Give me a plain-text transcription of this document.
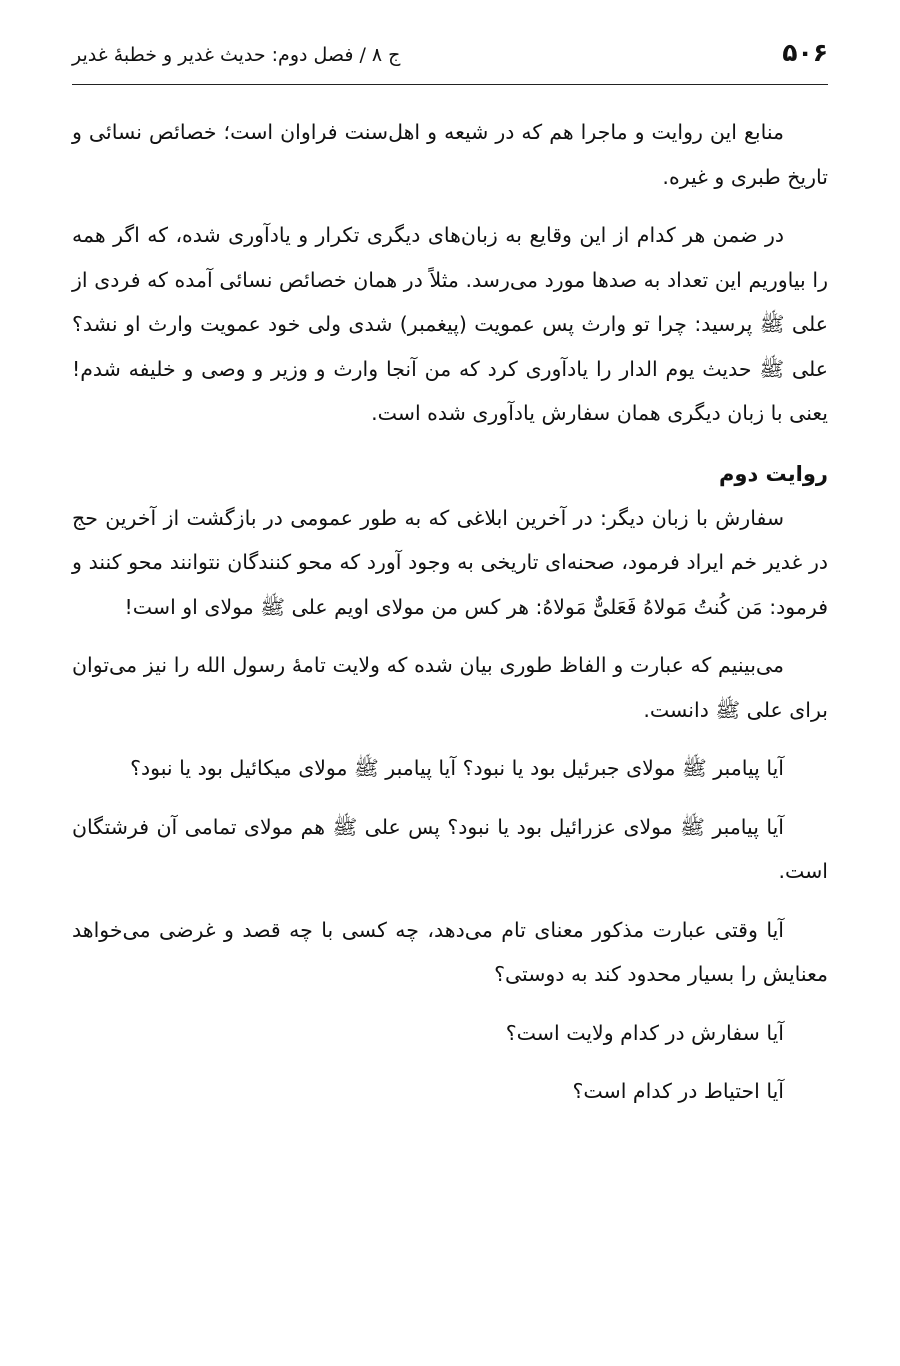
۵۰۶
ج ۸ / فصل دوم: حدیث غدیر و خطبهٔ غدیر

منابع این روایت و ماجرا هم که در شیعه و اهل‌سنت فراوان است؛ خصائص نسائی و تاریخ طبری و غیره.

در ضمن هر کدام از این وقایع به زبان‌های دیگری تکرار و یادآوری شده، که اگر همه را بیاوریم این تعداد به صدها مورد می‌رسد. مثلاً در همان خصائص نسائی آمده که فردی از علی ﷺ پرسید: چرا تو وارث پس عمویت (پیغمبر) شدی ولی خود عمویت وارث او نشد؟ علی ﷺ حدیث یوم الدار را یادآوری کرد که من آنجا وارث و وزیر و وصی و خلیفه شدم! یعنی با زبان دیگری همان سفارش یادآوری شده است.

روایت دوم

سفارش با زبان دیگر: در آخرین ابلاغی که به طور عمومی در بازگشت از آخرین حج در غدیر خم ایراد فرمود، صحنه‌ای تاریخی به وجود آورد که محو کنندگان نتوانند محو کنند و فرمود: مَن کُنتُ مَولاهُ فَعَلیٌّ مَولاهُ: هر کس من مولای اویم علی ﷺ مولای او است!

می‌بینیم که عبارت و الفاظ طوری بیان شده که ولایت تامهٔ رسول الله را نیز می‌توان برای علی ﷺ دانست.

آیا پیامبر ﷺ مولای جبرئیل بود یا نبود؟ آیا پیامبر ﷺ مولای میکائیل بود یا نبود؟

آیا پیامبر ﷺ مولای عزرائیل بود یا نبود؟ پس علی ﷺ هم مولای تمامی آن فرشتگان است.

آیا وقتی عبارت مذکور معنای تام می‌دهد، چه کسی با چه قصد و غرضی می‌خواهد معنایش را بسیار محدود کند به دوستی؟

آیا سفارش در کدام ولایت است؟

آیا احتیاط در کدام است؟
